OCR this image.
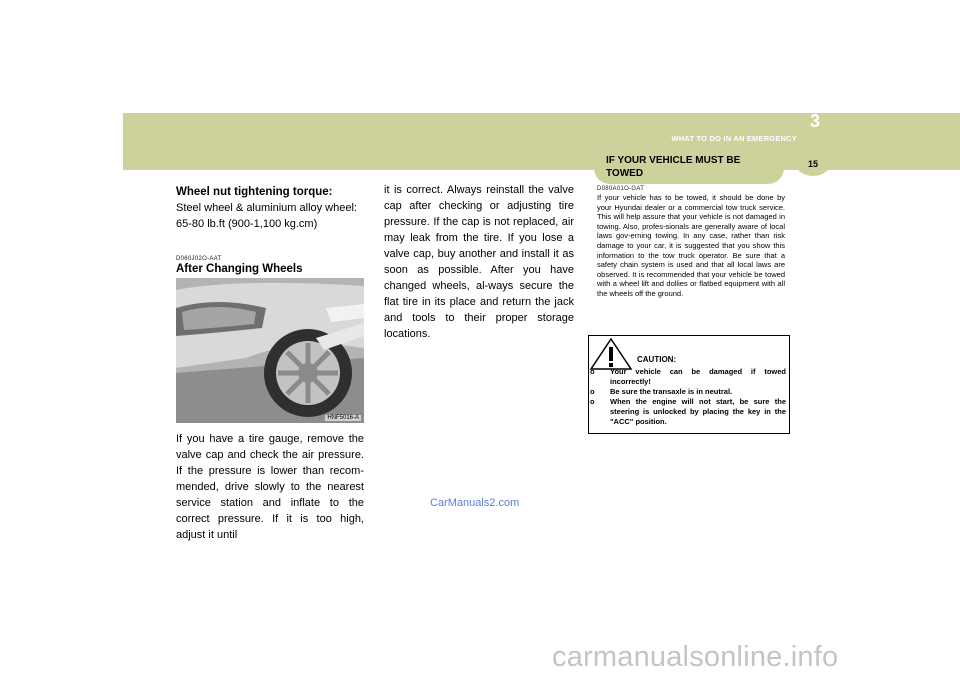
3
WHAT TO DO IN AN EMERGENCY
15
IF YOUR VEHICLE MUST BE TOWED
Wheel nut tightening torque:
Steel wheel & aluminium alloy wheel:
65-80 lb.ft (900-1,100 kg.cm)
D060J02O-AAT
After Changing Wheels
HNF5016-A
If you have a tire gauge, remove the valve cap and check the air pressure. If the pressure is lower than recom-mended, drive slowly to the nearest service station and inflate to the correct pressure. If it is too high, adjust it until
it is correct. Always reinstall the valve cap after checking or adjusting tire pressure. If the cap is not replaced, air may leak from the tire. If you lose a valve cap, buy another and install it as soon as possible. After you have changed wheels, al-ways secure the flat tire in its place and return the jack and tools to their proper storage locations.
D080A01O-GAT
If your vehicle has to be towed, it should be done by your Hyundai dealer or a commercial tow truck service. This will help assure that your vehicle is not damaged in towing. Also, profes-sionals are generally aware of local laws gov-erning towing. In any case, rather than risk damage to your car, it is suggested that you show this information to the tow truck operator. Be sure that a safety chain system is used and that all local laws are observed. It is recommended that your vehicle be towed with a wheel lift and dollies or flatbed equipment with all the wheels off the ground.
CAUTION:
o Your vehicle can be damaged if towed incorrectly!
o Be sure the transaxle is in neutral.
o When the engine will not start, be sure the steering is unlocked by placing the key in the "ACC" position.
CarManuals2.com
carmanualsonline.info
